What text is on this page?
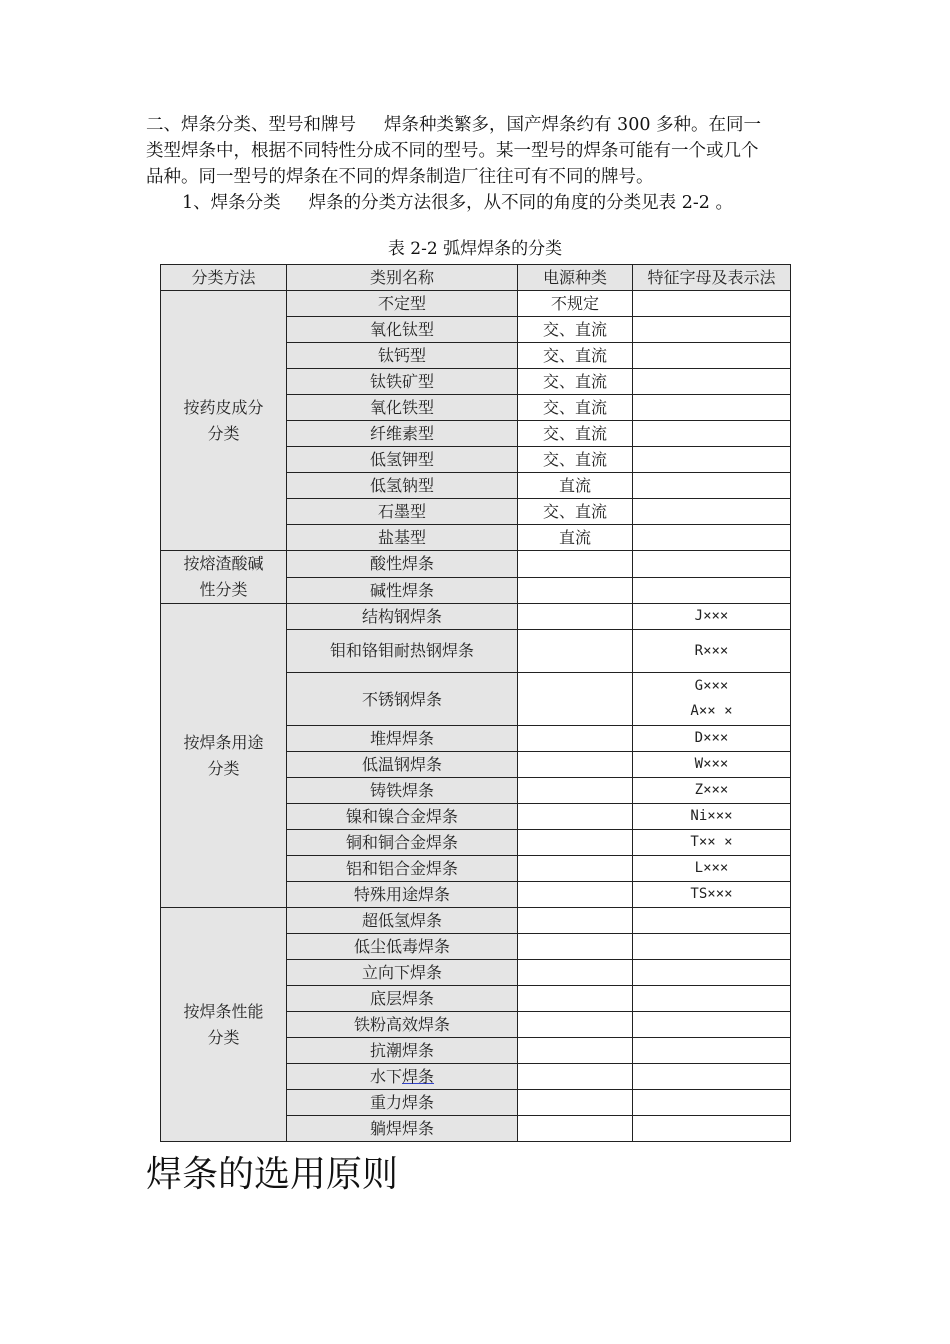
二、焊条分类、型号和牌号 焊条种类繁多，国产焊条约有 300 多种。在同一

类型焊条中，根据不同特性分成不同的型号。某一型号的焊条可能有一个或几个

品种。同一型号的焊条在不同的焊条制造厂往往可有不同的牌号。

1、焊条分类 焊条的分类方法很多，从不同的角度的分类见表 2-2 。

表 2-2 弧焊焊条的分类
分类方法	类别名称	电源种类	特征字母及表示法
按药皮成分分类	不定型	不规定	
	氧化钛型	交、直流	
	钛钙型	交、直流	
	钛铁矿型	交、直流	
	氧化铁型	交、直流	
	纤维素型	交、直流	
	低氢钾型	交、直流	
	低氢钠型	直流	
	石墨型	交、直流	
	盐基型	直流	
按熔渣酸碱性分类	酸性焊条		
	碱性焊条		
按焊条用途分类	结构钢焊条		J×××
	钼和铬钼耐热钢焊条		R×××
	不锈钢焊条		G×××
A×× ×

	堆焊焊条		D×××
	低温钢焊条		W×××
	铸铁焊条		Z×××
	镍和镍合金焊条		Ni×××
	铜和铜合金焊条		T×× ×
	铝和铝合金焊条		L×××
	特殊用途焊条		TS×××
按焊条性能分类	超低氢焊条		
	低尘低毒焊条		
	立向下焊条		
	底层焊条		
	铁粉高效焊条		
	抗潮焊条		
	水下焊条		
	重力焊条		
	躺焊焊条		
焊条的选用原则
